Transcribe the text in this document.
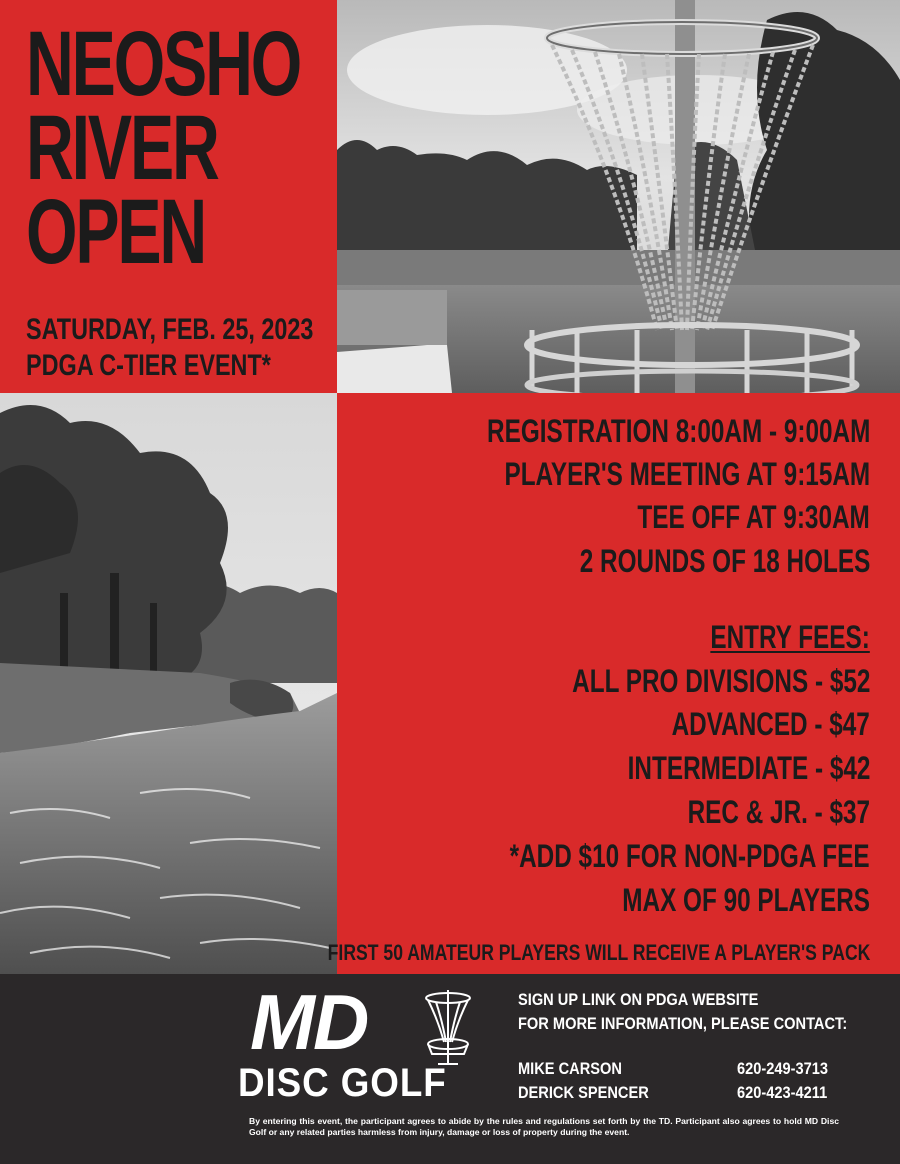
NEOSHO
RIVER
OPEN
SATURDAY, FEB. 25, 2023
PDGA C-TIER EVENT*
REGISTRATION 8:00AM - 9:00AM
PLAYER'S MEETING AT 9:15AM
TEE OFF AT 9:30AM
2 ROUNDS OF 18 HOLES
ENTRY FEES:
ALL PRO DIVISIONS - $52
ADVANCED - $47
INTERMEDIATE - $42
REC & JR. - $37
*ADD $10 FOR NON-PDGA FEE
MAX OF 90 PLAYERS
FIRST 50 AMATEUR PLAYERS WILL RECEIVE A PLAYER'S PACK
MD
DISC GOLF
SIGN UP LINK ON PDGA WEBSITE
FOR MORE INFORMATION, PLEASE CONTACT:
MIKE CARSON	620-249-3713
DERICK SPENCER	620-423-4211
By entering this event, the participant agrees to abide by the rules and regulations set forth by the TD. Participant also agrees to hold MD Disc Golf or any related parties harmless from injury, damage or loss of property during the event.
